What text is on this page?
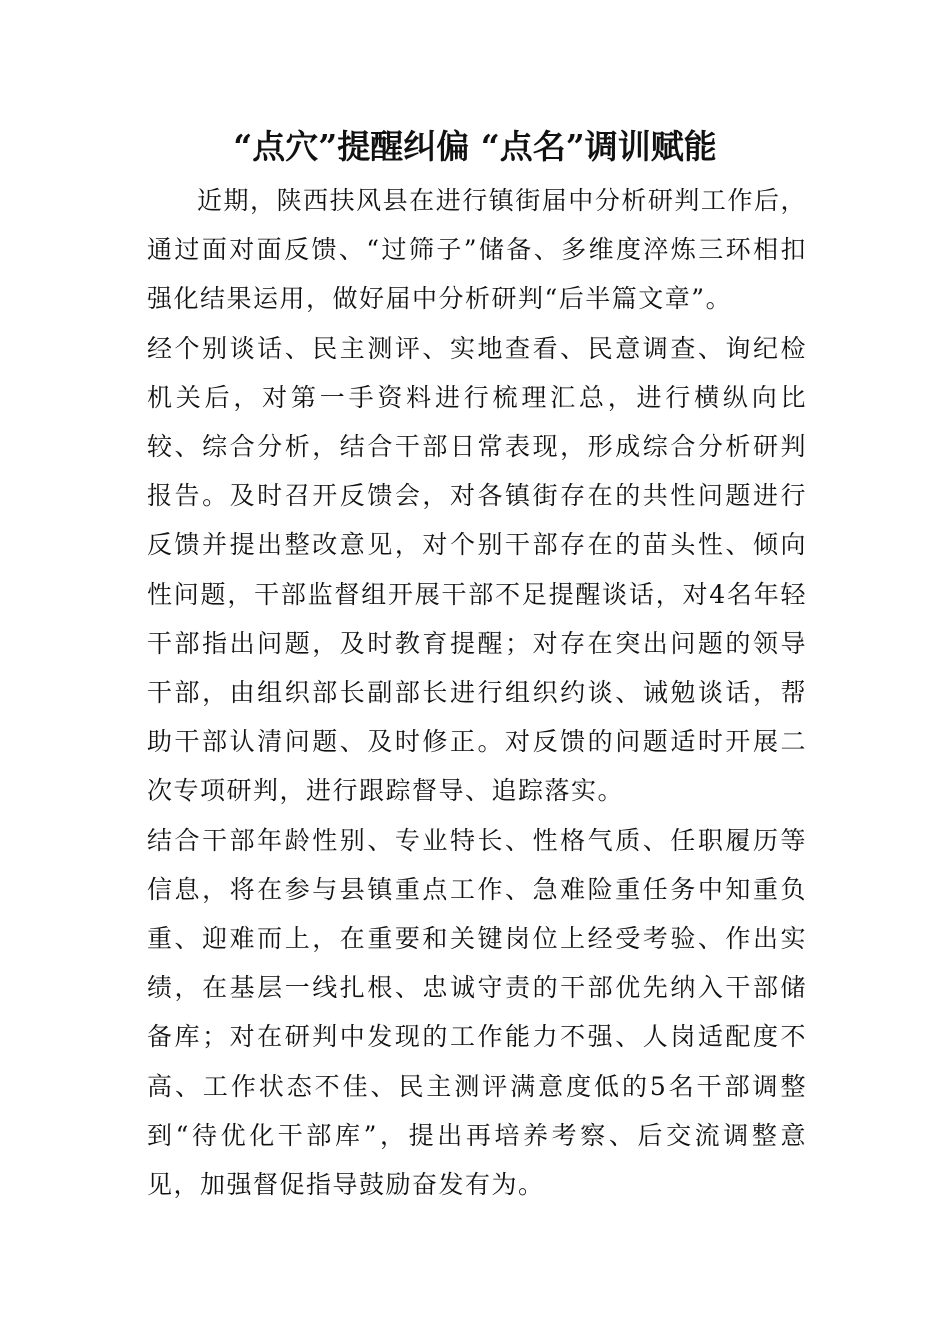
“点穴”提醒纠偏 “点名”调训赋能

近期，陕西扶风县在进行镇街届中分析研判工作后，通过面对面反馈、“过筛子”储备、多维度淬炼三环相扣强化结果运用，做好届中分析研判“后半篇文章”。

经个别谈话、民主测评、实地查看、民意调查、询纪检机关后，对第一手资料进行梳理汇总，进行横纵向比较、综合分析，结合干部日常表现，形成综合分析研判报告。及时召开反馈会，对各镇街存在的共性问题进行反馈并提出整改意见，对个别干部存在的苗头性、倾向性问题，干部监督组开展干部不足提醒谈话，对4名年轻干部指出问题，及时教育提醒；对存在突出问题的领导干部，由组织部长副部长进行组织约谈、诫勉谈话，帮助干部认清问题、及时修正。对反馈的问题适时开展二次专项研判，进行跟踪督导、追踪落实。

结合干部年龄性别、专业特长、性格气质、任职履历等信息，将在参与县镇重点工作、急难险重任务中知重负重、迎难而上，在重要和关键岗位上经受考验、作出实绩，在基层一线扎根、忠诚守责的干部优先纳入干部储备库；对在研判中发现的工作能力不强、人岗适配度不高、工作状态不佳、民主测评满意度低的5名干部调整到“待优化干部库”，提出再培养考察、后交流调整意见，加强督促指导鼓励奋发有为。
